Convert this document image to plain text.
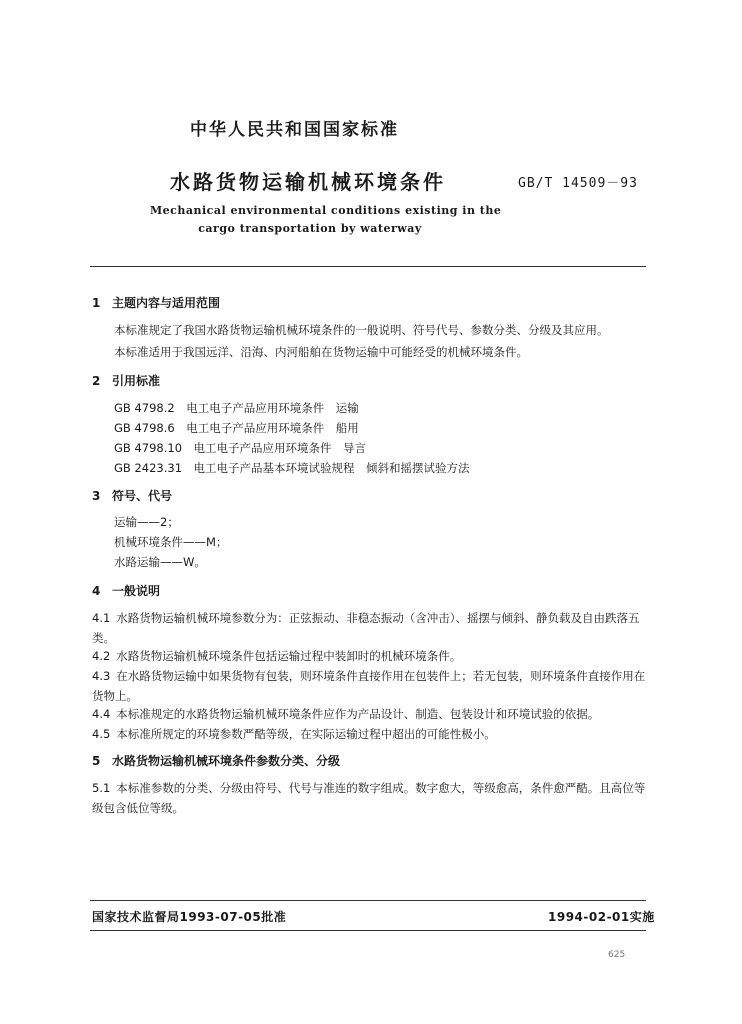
中华人民共和国国家标准
水路货物运输机械环境条件	GB/T 14509－93
Mechanical environmental conditions existing in the
cargo transportation by waterway
1 主题内容与适用范围
本标准规定了我国水路货物运输机械环境条件的一般说明、符号代号、参数分类、分级及其应用。
本标准适用于我国远洋、沿海、内河船舶在货物运输中可能经受的机械环境条件。
2 引用标准
GB 4798.2　 电工电子产品应用环境条件　运输
GB 4798.6　 电工电子产品应用环境条件　船用
GB 4798.10　 电工电子产品应用环境条件　导言
GB 2423.31　 电工电子产品基本环境试验规程　倾斜和摇摆试验方法
3 符号、代号
运输——2；
机械环境条件——M；
水路运输——W。
4 一般说明
4.1 水路货物运输机械环境参数分为：正弦振动、非稳态振动（含冲击）、摇摆与倾斜、静负载及自由跌落五类。
4.2 水路货物运输机械环境条件包括运输过程中装卸时的机械环境条件。
4.3 在水路货物运输中如果货物有包装，则环境条件直接作用在包装件上；若无包装，则环境条件直接作用在货物上。
4.4 本标准规定的水路货物运输机械环境条件应作为产品设计、制造、包装设计和环境试验的依据。
4.5 本标准所规定的环境参数严酷等级，在实际运输过程中超出的可能性极小。
5 水路货物运输机械环境条件参数分类、分级
5.1 本标准参数的分类、分级由符号、代号与准连的数字组成。数字愈大，等级愈高，条件愈严酷。且高位等级包含低位等级。
国家技术监督局1993-07-05批准	1994-02-01实施
625
